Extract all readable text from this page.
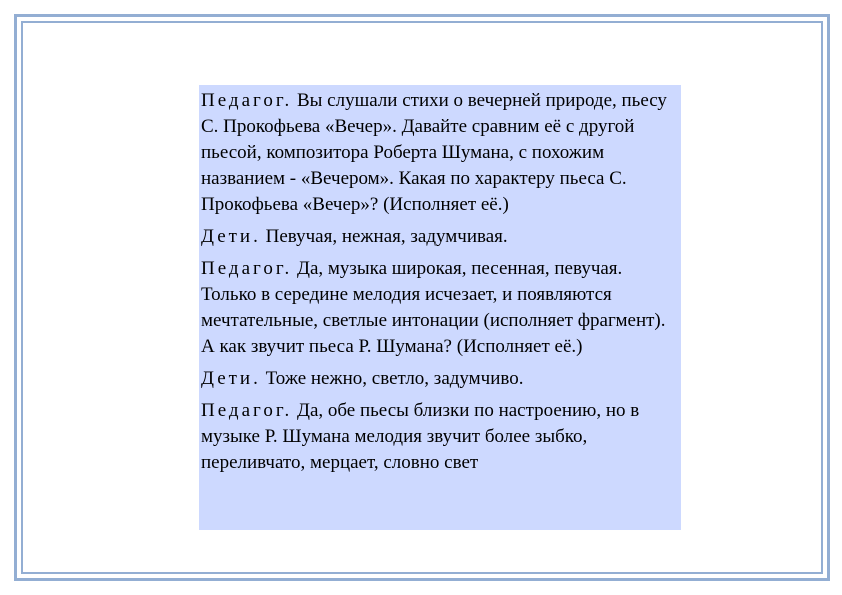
Педагог. Вы слушали стихи о вечерней природе, пьесу С. Прокофьева «Вечер». Давайте сравним её с другой пьесой, композитора Роберта Шумана, с похожим названием - «Вечером». Какая по характеру пьеса С. Прокофьева «Вечер»? (Исполняет её.)

Дети. Певучая, нежная, задумчивая.

Педагог. Да, музыка широкая, песенная, певучая. Только в середине мелодия исчезает, и появляются мечтательные, светлые интонации (исполняет фрагмент). А как звучит пьеса Р. Шумана? (Исполняет её.)

Дети. Тоже нежно, светло, задумчиво.

Педагог. Да, обе пьесы близки по настроению, но в музыке Р. Шумана мелодия звучит более зыбко, переливчато, мерцает, словно свет
